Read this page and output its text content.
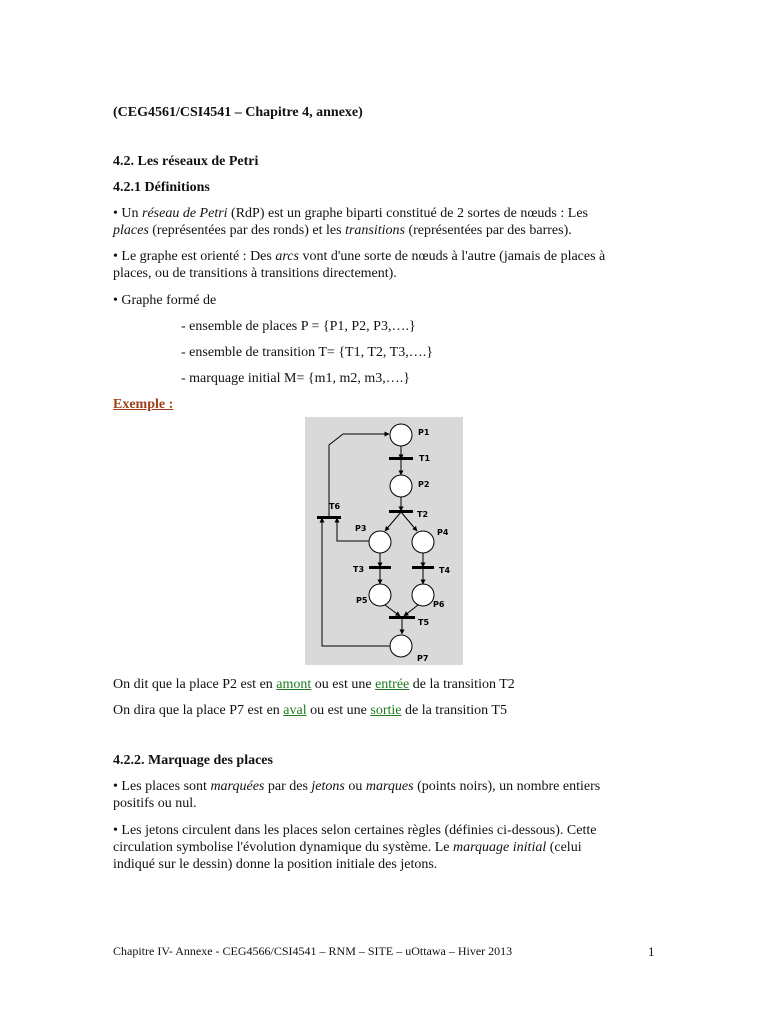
(CEG4561/CSI4541 – Chapitre 4, annexe)

4.2. Les réseaux de Petri

4.2.1 Définitions

• Un réseau de Petri (RdP) est un graphe biparti constitué de 2 sortes de nœuds : Les

places (représentées par des ronds) et les transitions (représentées par des barres).

• Le graphe est orienté : Des arcs vont d'une sorte de nœuds à l'autre (jamais de places à

places, ou de transitions à transitions directement).

• Graphe formé de

- ensemble de places P = {P1, P2, P3,….}

- ensemble de transition T= {T1, T2, T3,….}

- marquage initial M= {m1, m2, m3,….}

Exemple :

P1
P2
P3	P4
P5	P6
P7
T1
T2
T3	T4
T5
T6

On dit que la place P2 est en amont ou est une entrée de la transition T2

On dira que la place P7 est en aval ou est une sortie de la transition T5

4.2.2. Marquage des places

• Les places sont marquées par des jetons ou marques (points noirs), un nombre entiers

positifs ou nul.

• Les jetons circulent dans les places selon certaines règles (définies ci-dessous). Cette

circulation symbolise l'évolution dynamique du système. Le marquage initial (celui

indiqué sur le dessin) donne la position initiale des jetons.

Chapitre IV- Annexe - CEG4566/CSI4541 – RNM – SITE – uOttawa – Hiver 2013	1
